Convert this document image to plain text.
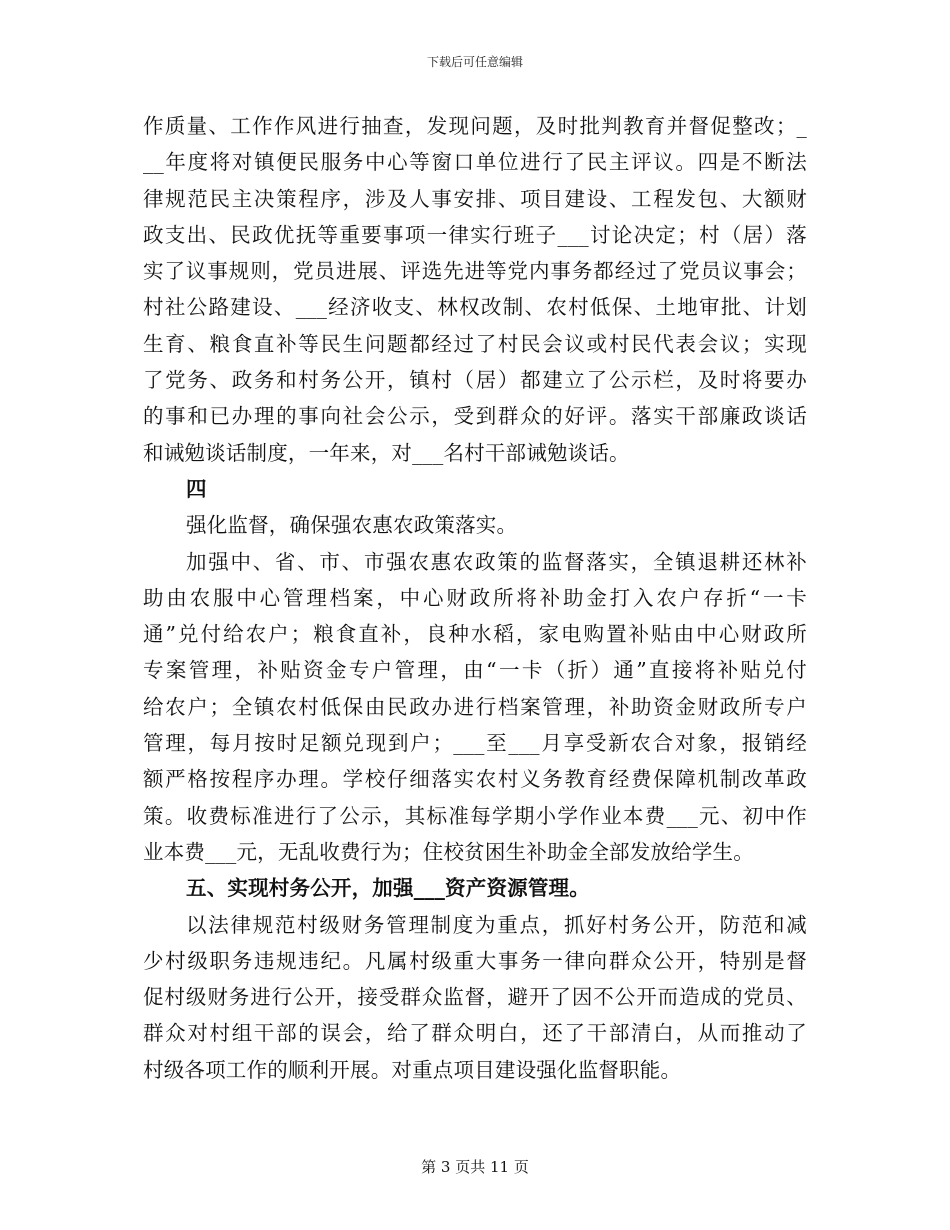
下载后可任意编辑
作质量、工作作风进行抽查，发现问题，及时批判教育并督促整改；_
__年度将对镇便民服务中心等窗口单位进行了民主评议。四是不断法
律规范民主决策程序，涉及人事安排、项目建设、工程发包、大额财
政支出、民政优抚等重要事项一律实行班子___讨论决定；村（居）落
实了议事规则，党员进展、评选先进等党内事务都经过了党员议事会；
村社公路建设、___经济收支、林权改制、农村低保、土地审批、计划
生育、粮食直补等民生问题都经过了村民会议或村民代表会议；实现
了党务、政务和村务公开，镇村（居）都建立了公示栏，及时将要办
的事和已办理的事向社会公示，受到群众的好评。落实干部廉政谈话
和诫勉谈话制度，一年来，对___名村干部诫勉谈话。
四
强化监督，确保强农惠农政策落实。
加强中、省、市、市强农惠农政策的监督落实，全镇退耕还林补
助由农服中心管理档案，中心财政所将补助金打入农户存折“一卡
通”兑付给农户；粮食直补，良种水稻，家电购置补贴由中心财政所
专案管理，补贴资金专户管理，由“一卡（折）通”直接将补贴兑付
给农户；全镇农村低保由民政办进行档案管理，补助资金财政所专户
管理，每月按时足额兑现到户；___至___月享受新农合对象，报销经
额严格按程序办理。学校仔细落实农村义务教育经费保障机制改革政
策。收费标准进行了公示，其标准每学期小学作业本费___元、初中作
业本费___元，无乱收费行为；住校贫困生补助金全部发放给学生。
五、实现村务公开，加强___资产资源管理。
以法律规范村级财务管理制度为重点，抓好村务公开，防范和减
少村级职务违规违纪。凡属村级重大事务一律向群众公开，特别是督
促村级财务进行公开，接受群众监督，避开了因不公开而造成的党员、
群众对村组干部的误会，给了群众明白，还了干部清白，从而推动了
村级各项工作的顺利开展。对重点项目建设强化监督职能。
第 3 页共 11 页
